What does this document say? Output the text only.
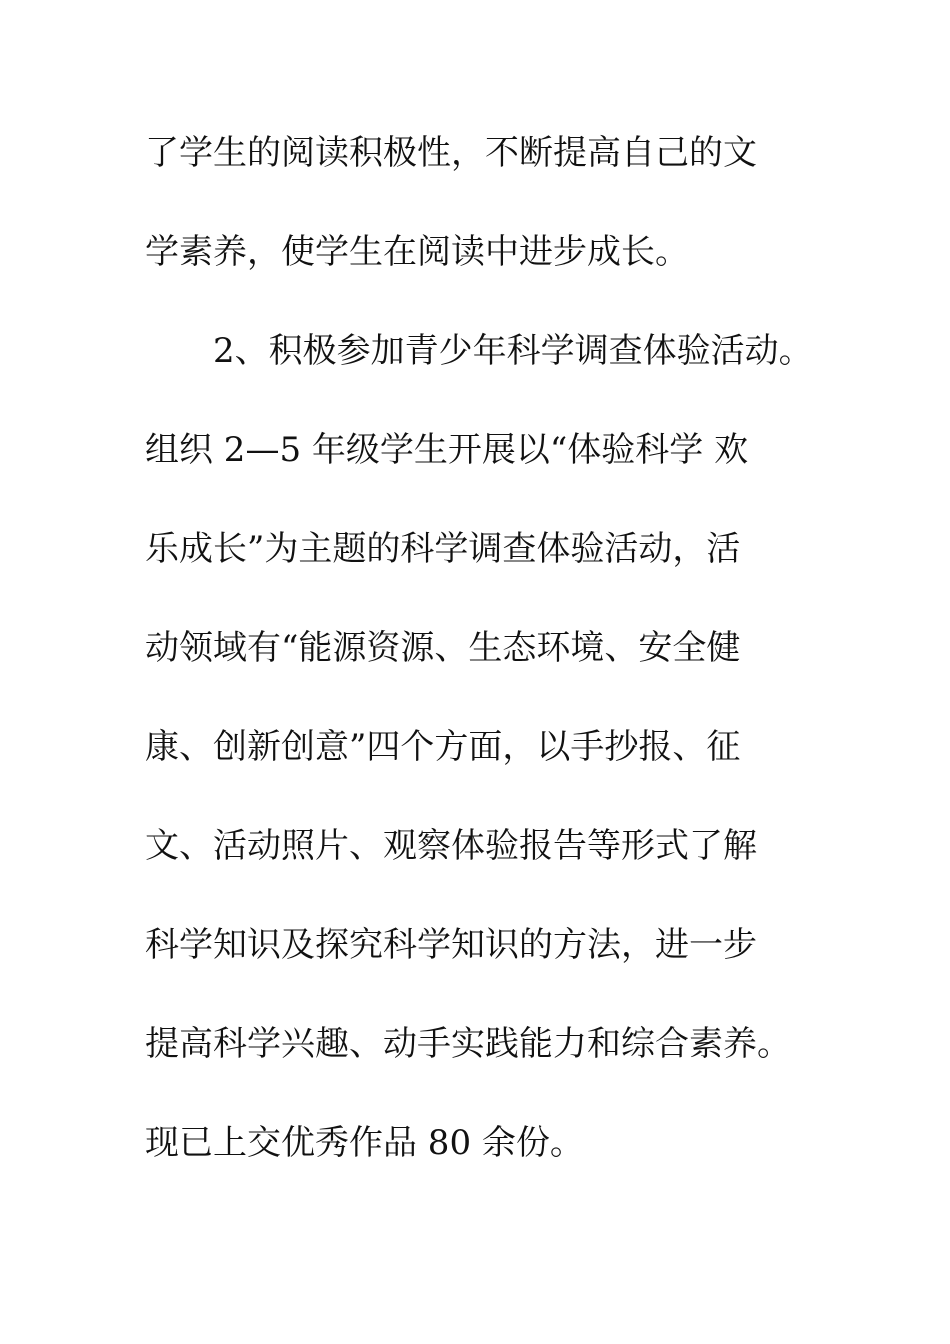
了学生的阅读积极性，不断提高自己的文
学素养，使学生在阅读中进步成长。
2、积极参加青少年科学调查体验活动。
组织 2—5 年级学生开展以“体验科学 欢
乐成长”为主题的科学调查体验活动，活
动领域有“能源资源、生态环境、安全健
康、创新创意”四个方面，以手抄报、征
文、活动照片、观察体验报告等形式了解
科学知识及探究科学知识的方法，进一步
提高科学兴趣、动手实践能力和综合素养。
现已上交优秀作品 80 余份。
